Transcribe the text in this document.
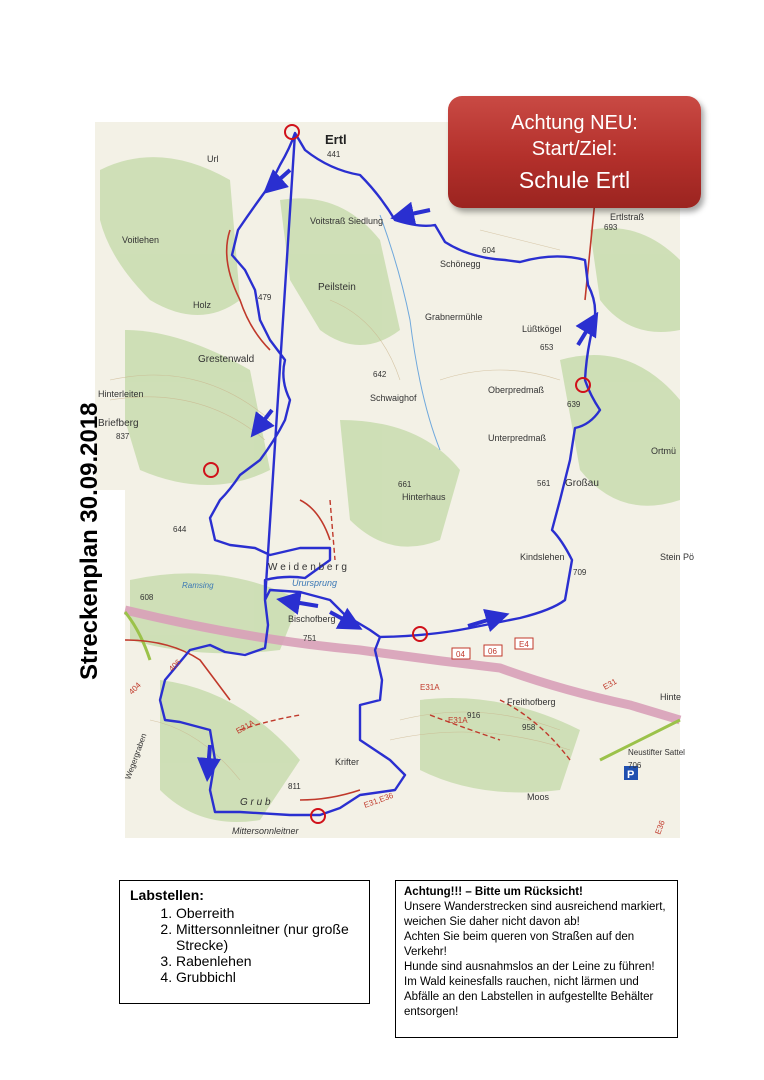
P
Ertl
Url
Voitlehen
Voitstraß Siedlung
Peilstein
Holz
Grestenwald
Hinterleiten
Briefberg
Schönegg
Ertlstraß
Grabnermühle
Lüßtkögel
Oberpredmaß
Unterpredmaß
Schwaighof
Hinterhaus
Großau
Ortmü
Kindslehen
W e i d e n b e r g
Urursprung
Bischofberg
Freithofberg
Krifter
G r u b
Mittersonnleitner
Moos
Neustifter Sattel
Wegergraben
Ramsing
Hinte
Stein Pö
441
479
642
604
693
653
639
661	561
644
709
751
916
958
811
706
837
608
04	06
E4
E31
E31A
E31A	E31A
E31,E36
404
406
E36
Achtung NEU:
Start/Ziel:
Schule Ertl
Streckenplan 30.09.2018
Labstellen:
1. Oberreith
2. Mittersonnleitner (nur große Strecke)
3. Rabenlehen
4. Grubbichl
Achtung!!! – Bitte um Rücksicht!
Unsere Wanderstrecken sind ausreichend markiert, weichen Sie daher nicht davon ab!
Achten Sie beim queren von Straßen auf den Verkehr!
Hunde sind ausnahmslos an der Leine zu führen!
Im Wald keinesfalls rauchen, nicht lärmen und Abfälle an den Labstellen in aufgestellte Behälter entsorgen!
